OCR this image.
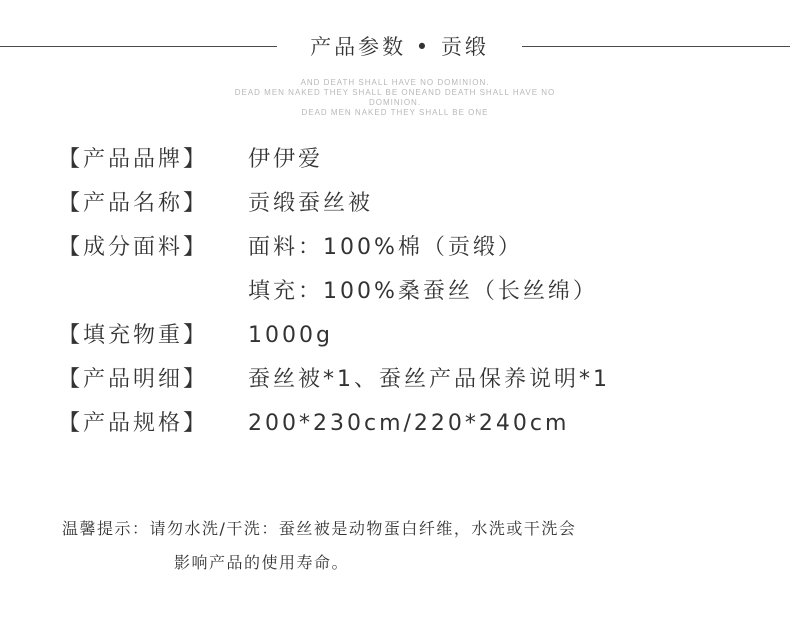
产品参数 • 贡缎
AND DEATH SHALL HAVE NO DOMINION.
DEAD MEN NAKED THEY SHALL BE ONEAND DEATH SHALL HAVE NO
DOMINION.
DEAD MEN NAKED THEY SHALL BE ONE
【产品品牌】 伊伊爱
【产品名称】 贡缎蚕丝被
【成分面料】 面料：100%棉（贡缎）
填充：100%桑蚕丝（长丝绵）
【填充物重】 1000g
【产品明细】 蚕丝被*1、蚕丝产品保养说明*1
【产品规格】 200*230cm/220*240cm
温馨提示：请勿水洗/干洗：蚕丝被是动物蛋白纤维，水洗或干洗会
影响产品的使用寿命。
